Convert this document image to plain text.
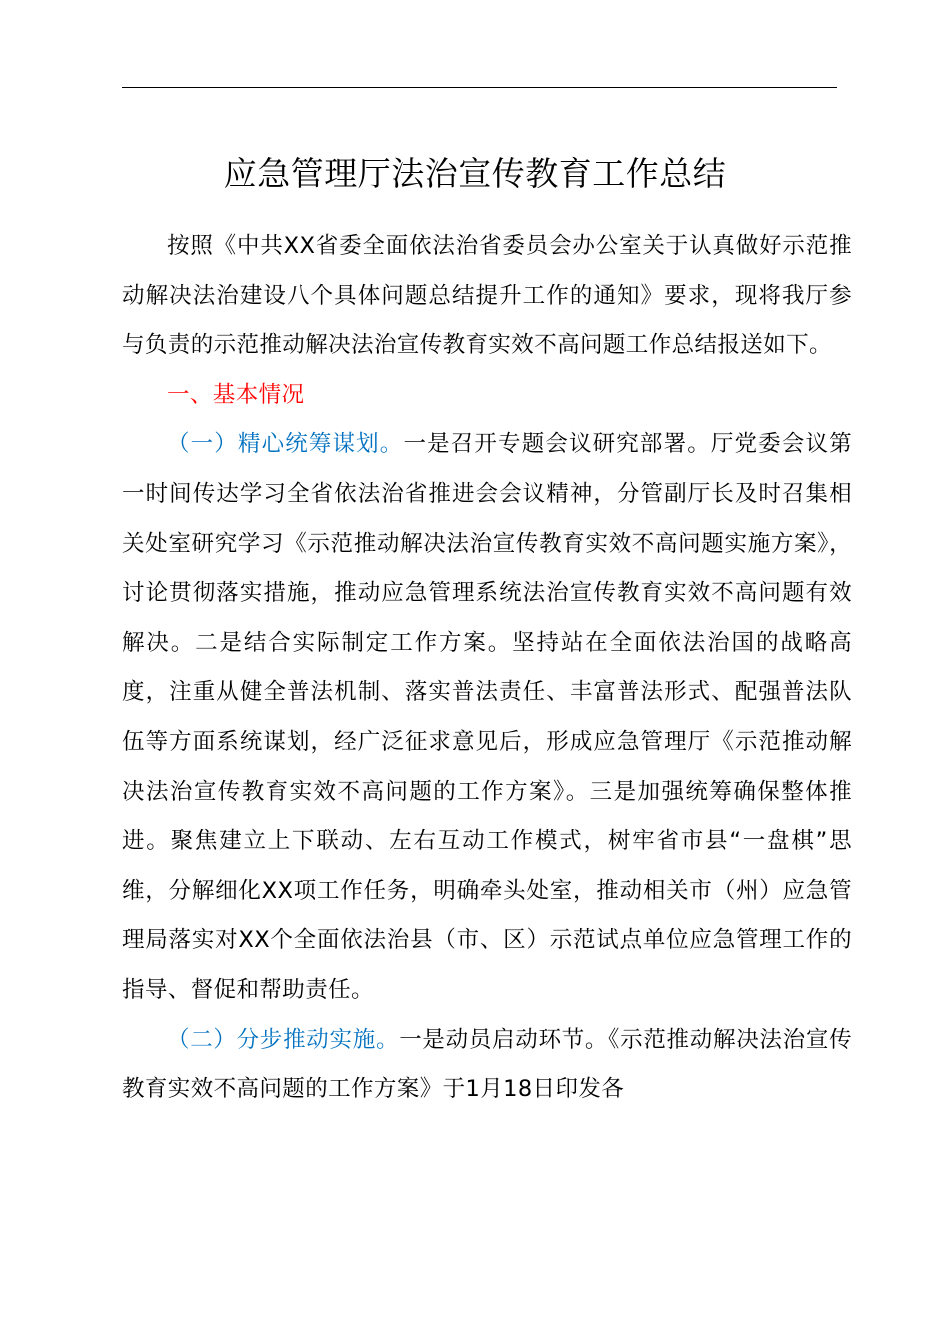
应急管理厅法治宣传教育工作总结

按照《中共XX省委全面依法治省委员会办公室关于认真做好示范推动解决法治建设八个具体问题总结提升工作的通知》要求，现将我厅参与负责的示范推动解决法治宣传教育实效不高问题工作总结报送如下。

一、基本情况

（一）精心统筹谋划。一是召开专题会议研究部署。厅党委会议第一时间传达学习全省依法治省推进会会议精神，分管副厅长及时召集相关处室研究学习《示范推动解决法治宣传教育实效不高问题实施方案》，讨论贯彻落实措施，推动应急管理系统法治宣传教育实效不高问题有效解决。二是结合实际制定工作方案。坚持站在全面依法治国的战略高度，注重从健全普法机制、落实普法责任、丰富普法形式、配强普法队伍等方面系统谋划，经广泛征求意见后，形成应急管理厅《示范推动解决法治宣传教育实效不高问题的工作方案》。三是加强统筹确保整体推进。聚焦建立上下联动、左右互动工作模式，树牢省市县“一盘棋”思维，分解细化XX项工作任务，明确牵头处室，推动相关市（州）应急管理局落实对XX个全面依法治县（市、区）示范试点单位应急管理工作的指导、督促和帮助责任。

（二）分步推动实施。一是动员启动环节。《示范推动解决法治宣传教育实效不高问题的工作方案》于1月18日印发各
